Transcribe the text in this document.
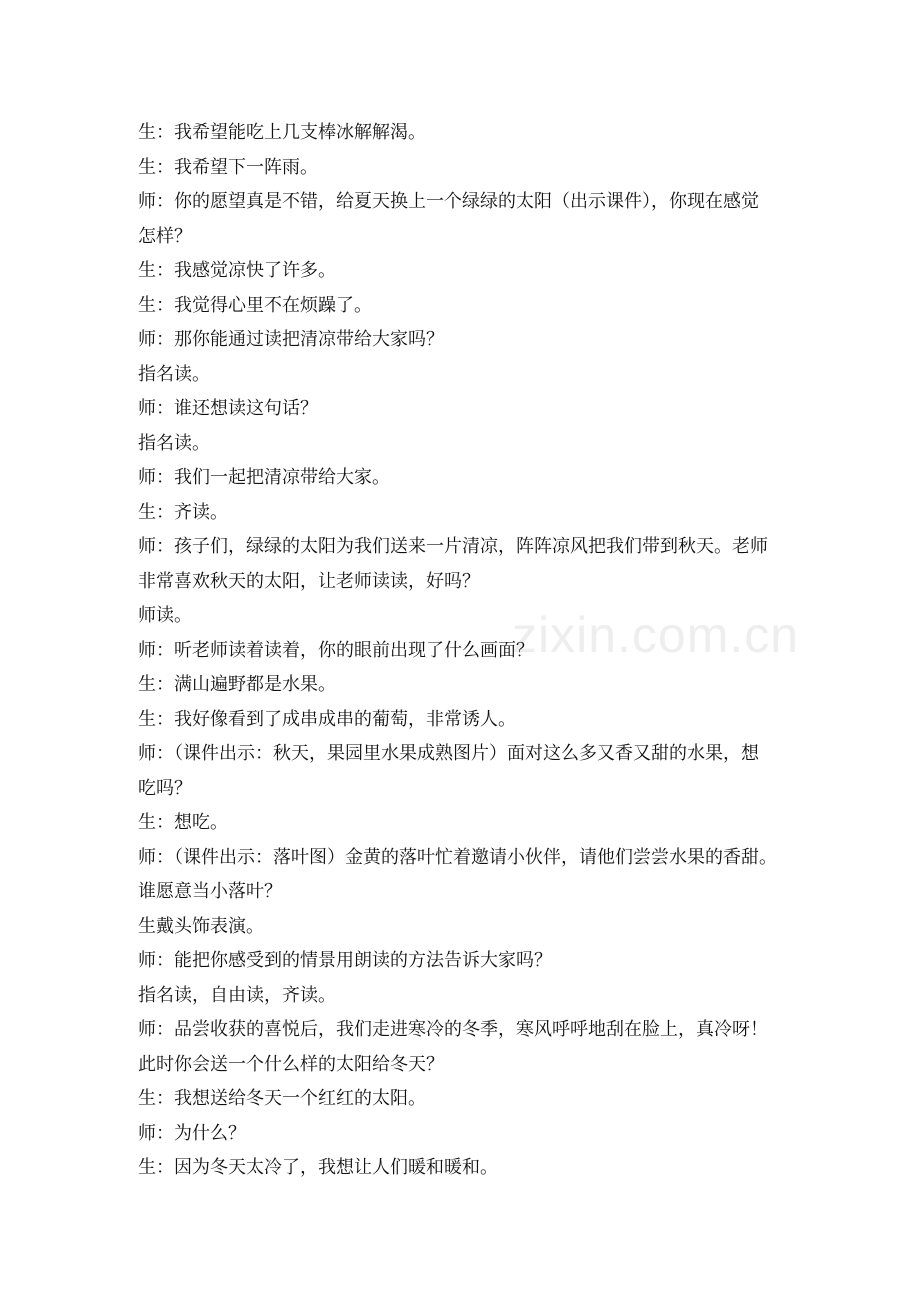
生：我希望能吃上几支棒冰解解渴。
生：我希望下一阵雨。
师：你的愿望真是不错，给夏天换上一个绿绿的太阳（出示课件），你现在感觉
怎样？
生：我感觉凉快了许多。
生：我觉得心里不在烦躁了。
师：那你能通过读把清凉带给大家吗？
指名读。
师：谁还想读这句话？
指名读。
师：我们一起把清凉带给大家。
生：齐读。
师：孩子们，绿绿的太阳为我们送来一片清凉，阵阵凉风把我们带到秋天。老师
非常喜欢秋天的太阳，让老师读读，好吗？
师读。
师：听老师读着读着，你的眼前出现了什么画面？
生：满山遍野都是水果。
生：我好像看到了成串成串的葡萄，非常诱人。
师：（课件出示：秋天，果园里水果成熟图片）面对这么多又香又甜的水果，想
吃吗？
生：想吃。
师：（课件出示：落叶图）金黄的落叶忙着邀请小伙伴，请他们尝尝水果的香甜。
谁愿意当小落叶？
生戴头饰表演。
师：能把你感受到的情景用朗读的方法告诉大家吗？
指名读，自由读，齐读。
师：品尝收获的喜悦后，我们走进寒冷的冬季，寒风呼呼地刮在脸上，真冷呀！
此时你会送一个什么样的太阳给冬天？
生：我想送给冬天一个红红的太阳。
师：为什么？
生：因为冬天太冷了，我想让人们暖和暖和。
zixin.com.cn
